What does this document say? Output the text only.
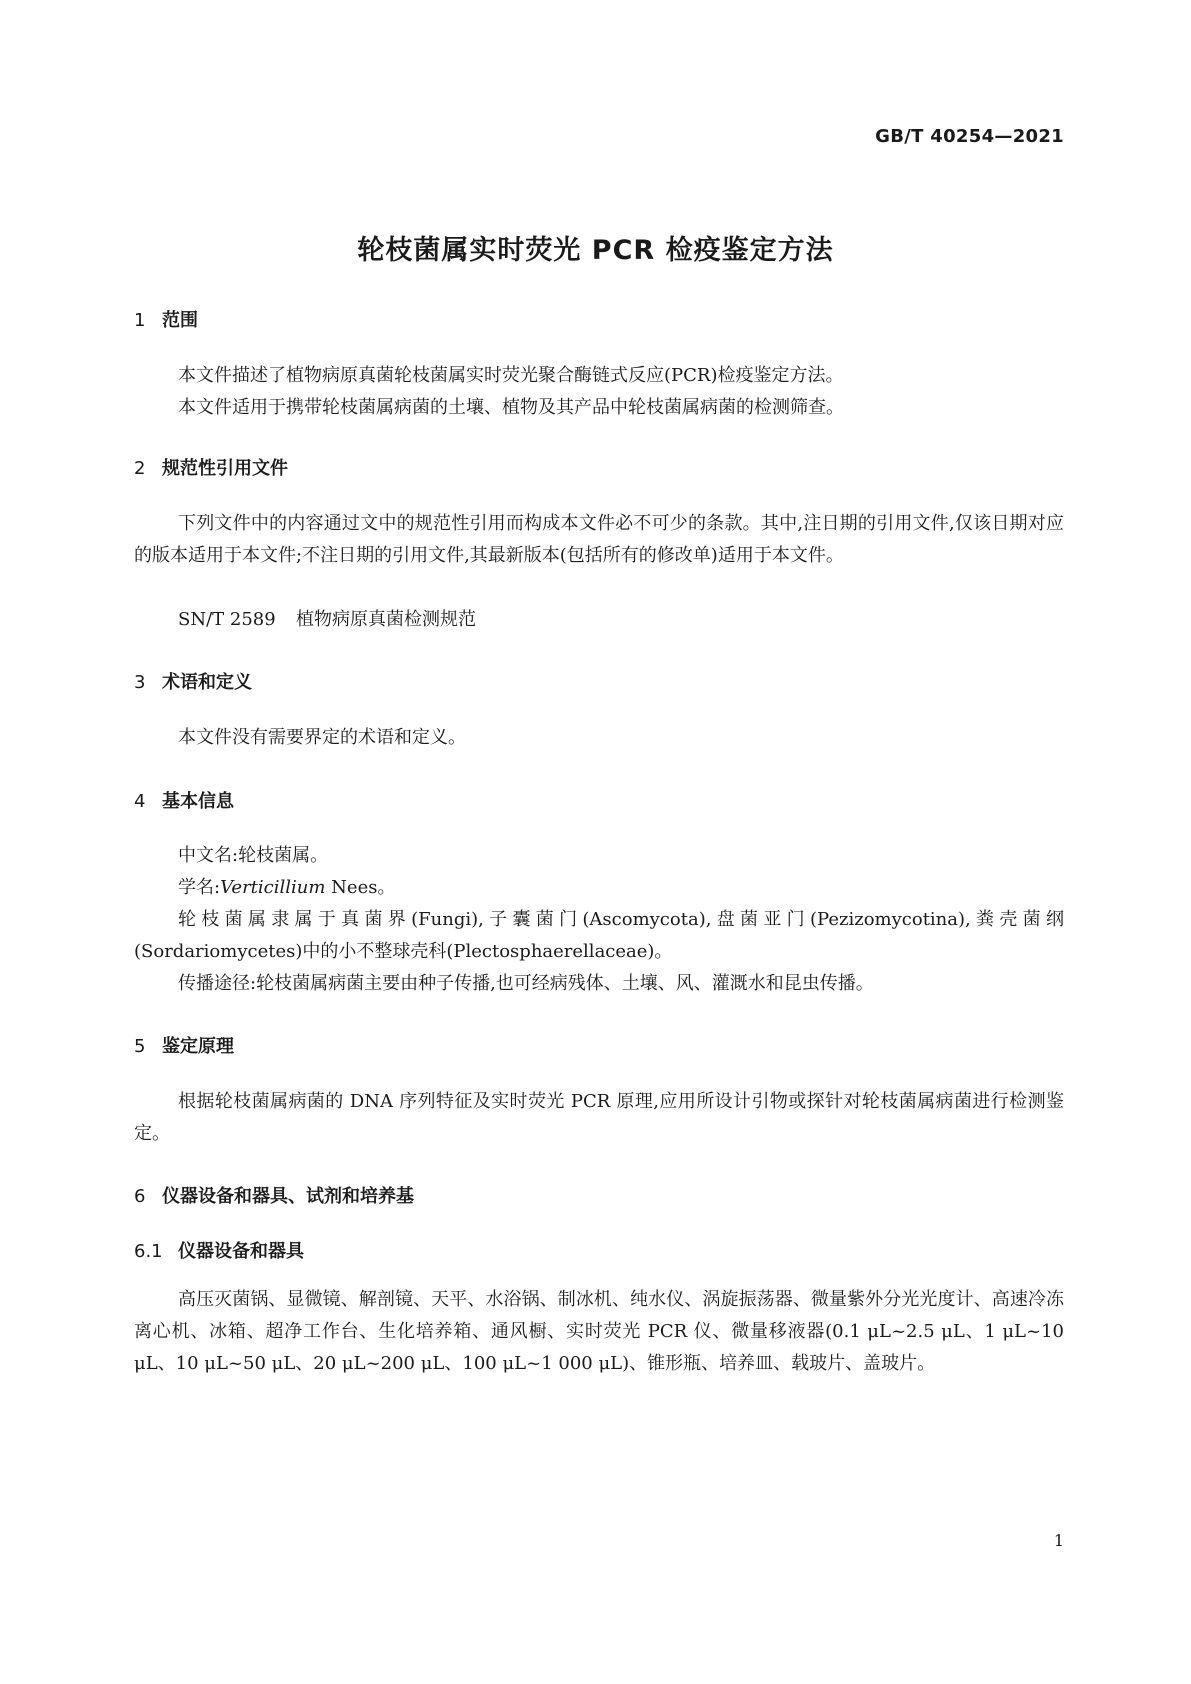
GB/T 40254—2021
轮枝菌属实时荧光 PCR 检疫鉴定方法
1 范围

本文件描述了植物病原真菌轮枝菌属实时荧光聚合酶链式反应(PCR)检疫鉴定方法。

本文件适用于携带轮枝菌属病菌的土壤、植物及其产品中轮枝菌属病菌的检测筛查。

2 规范性引用文件

下列文件中的内容通过文中的规范性引用而构成本文件必不可少的条款。其中,注日期的引用文件,仅该日期对应的版本适用于本文件;不注日期的引用文件,其最新版本(包括所有的修改单)适用于本文件。

SN/T 2589 植物病原真菌检测规范

3 术语和定义

本文件没有需要界定的术语和定义。

4 基本信息

中文名:轮枝菌属。

学名:Verticillium Nees。

轮枝菌属隶属于真菌界(Fungi),子囊菌门(Ascomycota),盘菌亚门(Pezizomycotina),粪壳菌纲(Sordariomycetes)中的小不整球壳科(Plectosphaerellaceae)。

传播途径:轮枝菌属病菌主要由种子传播,也可经病残体、土壤、风、灌溉水和昆虫传播。

5 鉴定原理

根据轮枝菌属病菌的 DNA 序列特征及实时荧光 PCR 原理,应用所设计引物或探针对轮枝菌属病菌进行检测鉴定。

6 仪器设备和器具、试剂和培养基
6.1 仪器设备和器具

高压灭菌锅、显微镜、解剖镜、天平、水浴锅、制冰机、纯水仪、涡旋振荡器、微量紫外分光光度计、高速冷冻离心机、冰箱、超净工作台、生化培养箱、通风橱、实时荧光 PCR 仪、微量移液器(0.1 μL~2.5 μL、1 μL~10 μL、10 μL~50 μL、20 μL~200 μL、100 μL~1 000 μL)、锥形瓶、培养皿、载玻片、盖玻片。

1
